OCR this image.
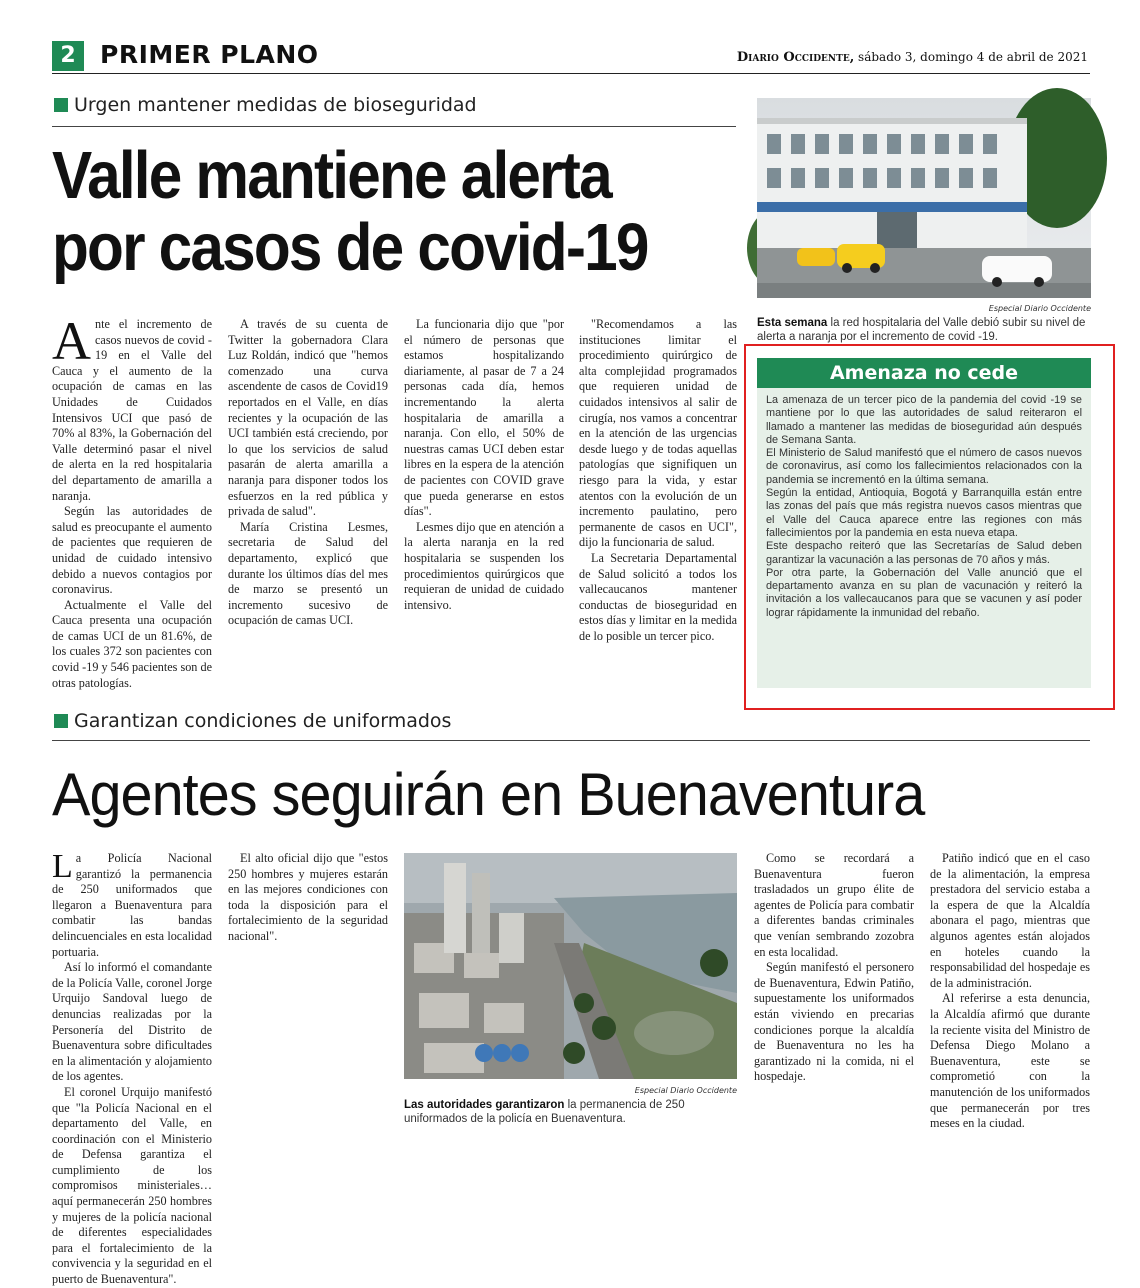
2 PRIMER PLANO	Diario Occidente, sábado 3, domingo 4 de abril de 2021
Urgen mantener medidas de bioseguridad
Valle mantiene alerta
por casos de covid-19

Ante el incremento de casos nuevos de covid - 19 en el Valle del Cauca y el aumento de la ocupación de camas en las Unidades de Cuidados Intensivos UCI que pasó de 70% al 83%, la Gobernación del Valle determinó pasar el nivel de alerta en la red hospitalaria del departamento de amarilla a naranja.

Según las autoridades de salud es preocupante el aumento de pacientes que requieren de unidad de cuidado intensivo debido a nuevos contagios por coronavirus.

Actualmente el Valle del Cauca presenta una ocupación de camas UCI de un 81.6%, de los cuales 372 son pacientes con covid -19 y 546 pacientes son de otras patologías.

A través de su cuenta de Twitter la gobernadora Clara Luz Roldán, indicó que "hemos comenzado una curva ascendente de casos de Covid19 reportados en el Valle, en días recientes y la ocupación de las UCI también está creciendo, por lo que los servicios de salud pasarán de alerta amarilla a naranja para disponer todos los esfuerzos en la red pública y privada de salud".

María Cristina Lesmes, secretaria de Salud del departamento, explicó que durante los últimos días del mes de marzo se presentó un incremento sucesivo de ocupación de camas UCI.

La funcionaria dijo que "por el número de personas que estamos hospitalizando diariamente, al pasar de 7 a 24 personas cada día, hemos incrementando la alerta hospitalaria de amarilla a naranja. Con ello, el 50% de nuestras camas UCI deben estar libres en la espera de la atención de pacientes con COVID grave que pueda generarse en estos días".

Lesmes dijo que en atención a la alerta naranja en la red hospitalaria se suspenden los procedimientos quirúrgicos que requieran de unidad de cuidado intensivo.

"Recomendamos a las instituciones limitar el procedimiento quirúrgico de alta complejidad programados que requieren unidad de cuidados intensivos al salir de cirugía, nos vamos a concentrar en la atención de las urgencias desde luego y de todas aquellas patologías que signifiquen un riesgo para la vida, y estar atentos con la evolución de un incremento paulatino, pero permanente de casos en UCI", dijo la funcionaria de salud.

La Secretaria Departamental de Salud solicitó a todos los vallecaucanos mantener conductas de bioseguridad en estos días y limitar en la medida de lo posible un tercer pico.

Especial Diario Occidente
Esta semana la red hospitalaria del Valle debió subir su nivel de alerta a naranja por el incremento de covid -19.
Amenaza no cede

La amenaza de un tercer pico de la pandemia del covid -19 se mantiene por lo que las autoridades de salud reiteraron el llamado a mantener las medidas de bioseguridad aún después de Semana Santa.

El Ministerio de Salud manifestó que el número de casos nuevos de coronavirus, así como los fallecimientos relacionados con la pandemia se incrementó en la última semana.

Según la entidad, Antioquia, Bogotá y Barranquilla están entre las zonas del país que más registra nuevos casos mientras que el Valle del Cauca aparece entre las regiones con más fallecimientos por la pandemia en esta nueva etapa.

Este despacho reiteró que las Secretarías de Salud deben garantizar la vacunación a las personas de 70 años y más.

Por otra parte, la Gobernación del Valle anunció que el departamento avanza en su plan de vacunación y reiteró la invitación a los vallecaucanos para que se vacunen y así poder lograr rápidamente la inmunidad del rebaño.

Garantizan condiciones de uniformados
Agentes seguirán en Buenaventura

La Policía Nacional garantizó la permanencia de 250 uniformados que llegaron a Buenaventura para combatir las bandas delincuenciales en esta localidad portuaria.

Así lo informó el comandante de la Policía Valle, coronel Jorge Urquijo Sandoval luego de denuncias realizadas por la Personería del Distrito de Buenaventura sobre dificultades en la alimentación y alojamiento de los agentes.

El coronel Urquijo manifestó que "la Policía Nacional en el departamento del Valle, en coordinación con el Ministerio de Defensa garantiza el cumplimiento de los compromisos ministeriales… aquí permanecerán 250 hombres y mujeres de la policía nacional de diferentes especialidades para el fortalecimiento de la convivencia y la seguridad en el puerto de Buenaventura".

El alto oficial dijo que "estos 250 hombres y mujeres estarán en las mejores condiciones con toda la disposición para el fortalecimiento de la seguridad nacional".

Como se recordará a Buenaventura fueron trasladados un grupo élite de agentes de Policía para combatir a diferentes bandas criminales que venían sembrando zozobra en esta localidad.

Según manifestó el personero de Buenaventura, Edwin Patiño, supuestamente los uniformados están viviendo en precarias condiciones porque la alcaldía de Buenaventura no les ha garantizado ni la comida, ni el hospedaje.

Patiño indicó que en el caso de la alimentación, la empresa prestadora del servicio estaba a la espera de que la Alcaldía abonara el pago, mientras que algunos agentes están alojados en hoteles cuando la responsabilidad del hospedaje es de la administración.

Al referirse a esta denuncia, la Alcaldía afirmó que durante la reciente visita del Ministro de Defensa Diego Molano a Buenaventura, este se comprometió con la manutención de los uniformados que permanecerán por tres meses en la ciudad.

Especial Diario Occidente
Las autoridades garantizaron la permanencia de 250 uniformados de la policía en Buenaventura.
